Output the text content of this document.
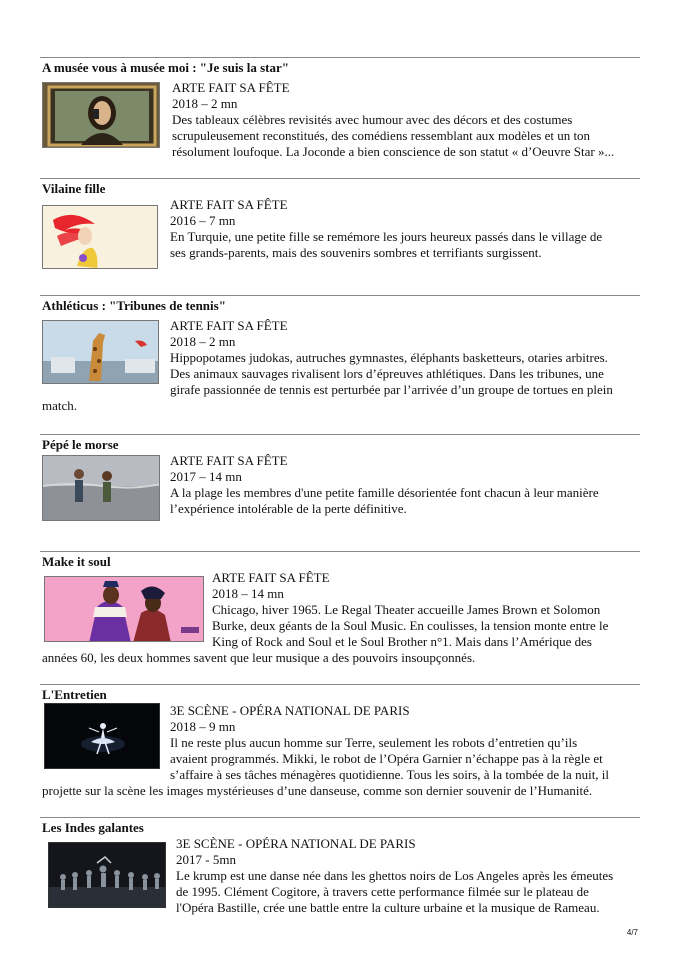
A musée vous à musée moi : "Je suis la star"
ARTE FAIT SA FÊTE
2018 – 2 mn
Des tableaux célèbres revisités avec humour avec des décors et des costumes
scrupuleusement reconstitués, des comédiens ressemblant aux modèles et un ton
résolument loufoque. La Joconde a bien conscience de son statut « d’Oeuvre Star »...
Vilaine fille
ARTE FAIT SA FÊTE
2016 – 7 mn
En Turquie, une petite fille se remémore les jours heureux passés dans le village de
ses grands-parents, mais des souvenirs sombres et terrifiants surgissent.
Athléticus : "Tribunes de tennis"
ARTE FAIT SA FÊTE
2018 – 2 mn
Hippopotames judokas, autruches gymnastes, éléphants basketteurs, otaries arbitres.
Des animaux sauvages rivalisent lors d’épreuves athlétiques. Dans les tribunes, une
girafe passionnée de tennis est perturbée par l’arrivée d’un groupe de tortues en plein
match.
Pépé le morse
ARTE FAIT SA FÊTE
2017 – 14 mn
A la plage les membres d'une petite famille désorientée font chacun à leur manière
l’expérience intolérable de la perte définitive.
Make it soul
ARTE FAIT SA FÊTE
2018 – 14 mn
Chicago, hiver 1965. Le Regal Theater accueille James Brown et Solomon
Burke, deux géants de la Soul Music. En coulisses, la tension monte entre le
King of Rock and Soul et le Soul Brother n°1. Mais dans l’Amérique des
années 60, les deux hommes savent que leur musique a des pouvoirs insoupçonnés.
L'Entretien
3E SCÈNE - OPÉRA NATIONAL DE PARIS
2018 – 9 mn
Il ne reste plus aucun homme sur Terre, seulement les robots d’entretien qu’ils
avaient programmés. Mikki, le robot de l’Opéra Garnier n’échappe pas à la règle et
s’affaire à ses tâches ménagères quotidienne. Tous les soirs, à la tombée de la nuit, il
projette sur la scène les images mystérieuses d’une danseuse, comme son dernier souvenir de l’Humanité.
Les Indes galantes
3E SCÈNE - OPÉRA NATIONAL DE PARIS
2017 - 5mn
Le krump est une danse née dans les ghettos noirs de Los Angeles après les émeutes
de 1995. Clément Cogitore, à travers cette performance filmée sur le plateau de
l'Opéra Bastille, crée une battle entre la culture urbaine et la musique de Rameau.
4/7
